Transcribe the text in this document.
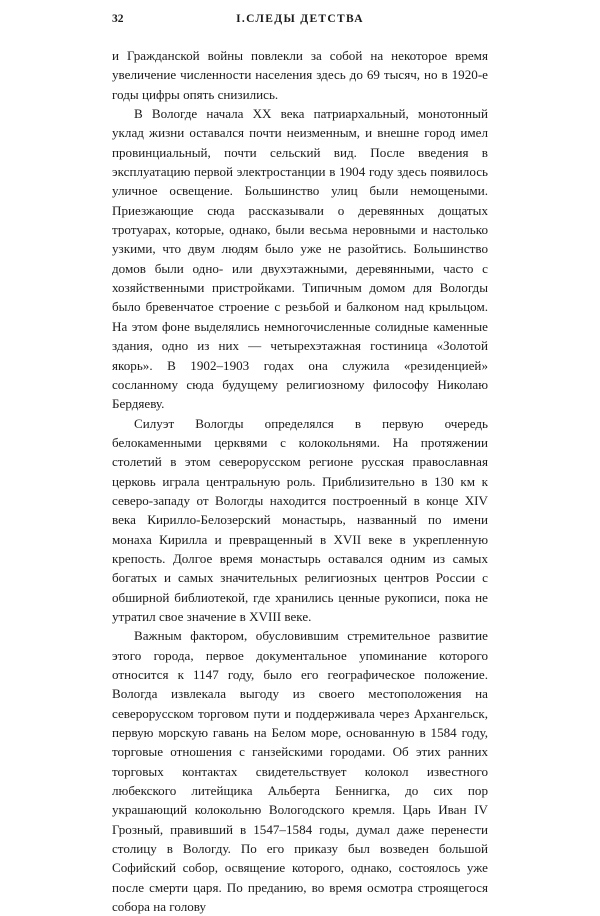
32	I.СЛЕДЫ ДЕТСТВА

и Гражданской войны повлекли за собой на некоторое время увеличение численности населения здесь до 69 тысяч, но в 1920-е годы цифры опять снизились.

В Вологде начала XX века патриархальный, монотонный уклад жизни оставался почти неизменным, и внешне город имел провинциальный, почти сельский вид. После введения в эксплуатацию первой электростанции в 1904 году здесь появилось уличное освещение. Большинство улиц были немощеными. Приезжающие сюда рассказывали о деревянных дощатых тротуарах, которые, однако, были весьма неровными и настолько узкими, что двум людям было уже не разойтись. Большинство домов были одно- или двухэтажными, деревянными, часто с хозяйственными пристройками. Типичным домом для Вологды было бревенчатое строение с резьбой и балконом над крыльцом. На этом фоне выделялись немногочисленные солидные каменные здания, одно из них — четырехэтажная гостиница «Золотой якорь». В 1902–1903 годах она служила «резиденцией» сосланному сюда будущему религиозному философу Николаю Бердяеву.

Силуэт Вологды определялся в первую очередь белокаменными церквями с колокольнями. На протяжении столетий в этом северорусском регионе русская православная церковь играла центральную роль. Приблизительно в 130 км к северо-западу от Вологды находится построенный в конце XIV века Кирилло-Белозерский монастырь, названный по имени монаха Кирилла и превращенный в XVII веке в укрепленную крепость. Долгое время монастырь оставался одним из самых богатых и самых значительных религиозных центров России с обширной библиотекой, где хранились ценные рукописи, пока не утратил свое значение в XVIII веке.

Важным фактором, обусловившим стремительное развитие этого города, первое документальное упоминание которого относится к 1147 году, было его географическое положение. Вологда извлекала выгоду из своего местоположения на северорусском торговом пути и поддерживала через Архангельск, первую морскую гавань на Белом море, основанную в 1584 году, торговые отношения с ганзейскими городами. Об этих ранних торговых контактах свидетельствует колокол известного любекского литейщика Альберта Беннигка, до сих пор украшающий колокольню Вологодского кремля. Царь Иван IV Грозный, правивший в 1547–1584 годы, думал даже перенести столицу в Вологду. По его приказу был возведен большой Софийский собор, освящение которого, однако, состоялось уже после смерти царя. По преданию, во время осмотра строящегося собора на голову
